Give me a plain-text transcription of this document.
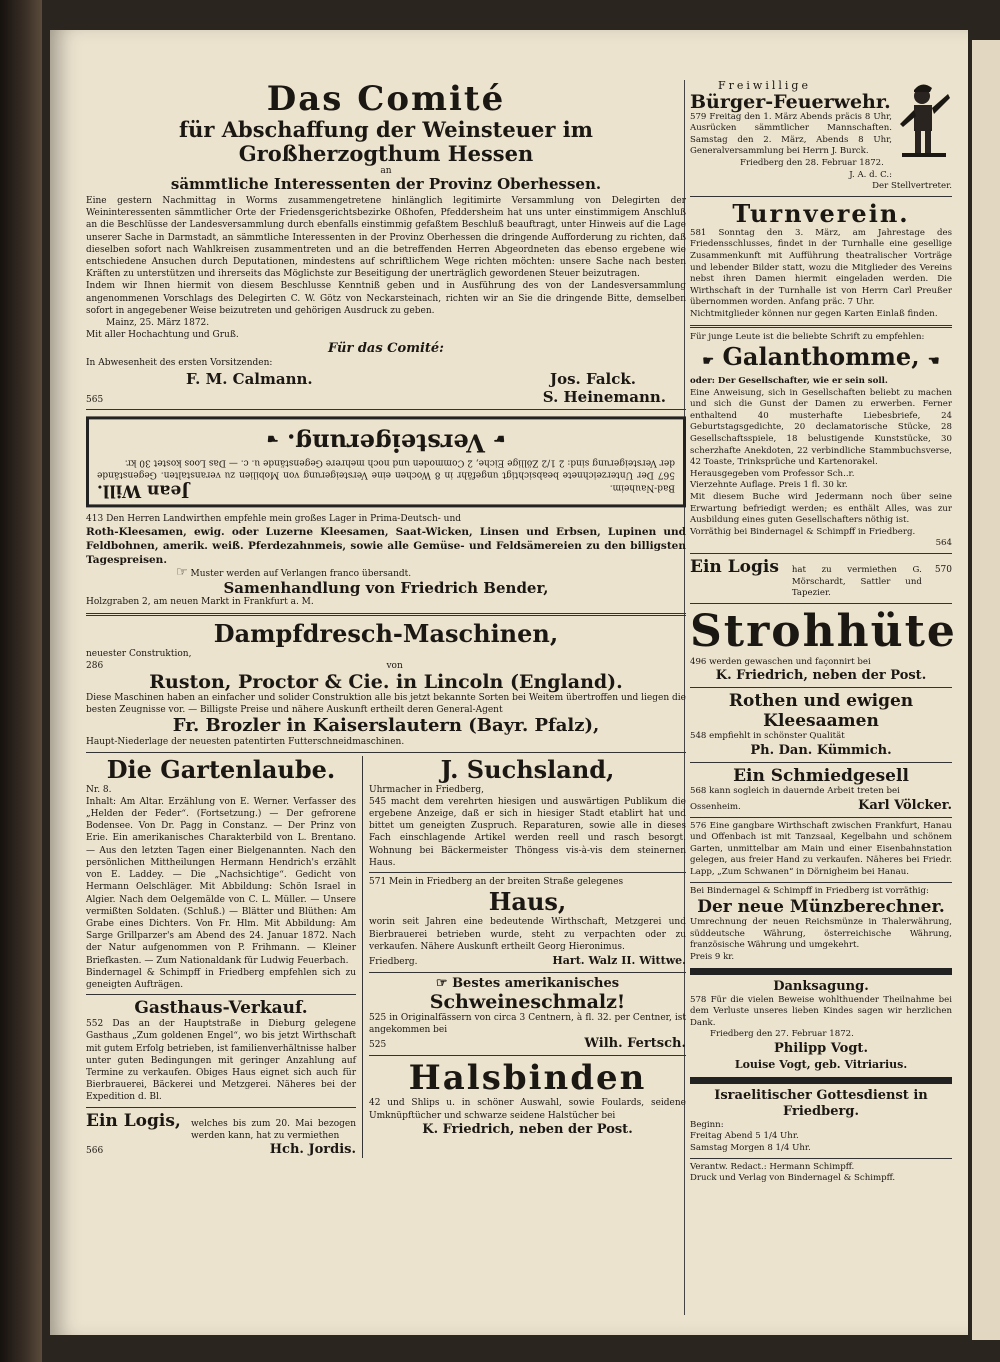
Das Comité
für Abschaffung der Weinsteuer im Großherzogthum Hessen
an
sämmtliche Interessenten der Provinz Oberhessen.
Eine gestern Nachmittag in Worms zusammengetretene hinlänglich legitimirte Versammlung von Delegirten der Weininteressenten sämmtlicher Orte der Friedensgerichtsbezirke Oßhofen, Pfeddersheim hat uns unter einstimmigem Anschluß an die Beschlüsse der Landesversammlung durch ebenfalls einstimmig gefaßtem Beschluß beauftragt, unter Hinweis auf die Lage unserer Sache in Darmstadt, an sämmtliche Interessenten in der Provinz Oberhessen die dringende Aufforderung zu richten, daß dieselben sofort nach Wahlkreisen zusammentreten und an die betreffenden Herren Abgeordneten das ebenso ergebene wie entschiedene Ansuchen durch Deputationen, mindestens auf schriftlichem Wege richten möchten: unsere Sache nach besten Kräften zu unterstützen und ihrerseits das Möglichste zur Beseitigung der unerträglich gewordenen Steuer beizutragen.
Indem wir Ihnen hiermit von diesem Beschlusse Kenntniß geben und in Ausführung des von der Landesversammlung angenommenen Vorschlags des Delegirten C. W. Götz von Neckarsteinach, richten wir an Sie die dringende Bitte, demselben sofort in angegebener Weise beizutreten und gehörigen Ausdruck zu geben.
Mainz, 25. März 1872.
Mit aller Hochachtung und Gruß.
Für das Comité:
In Abwesenheit des ersten Vorsitzenden:
F. M. Calmann.	Jos. Falck.
565	S. Heinemann.
Bad-Nauheim.
Jean Will.
567 Der Unterzeichnete beabsichtigt ungefähr in 8 Wochen eine Versteigerung von Mobilien zu veranstalten. Gegenstände der Versteigerung sind: 2 1/2 Zöllige Eiche, 2 Commoden und noch mehrere Gegenstände u. c. — Das Loos kostet 30 kr.
☛ Versteigerung. ☚
413 Den Herren Landwirthen empfehle mein großes Lager in Prima-Deutsch- und
Roth-Kleesamen, ewig. oder Luzerne Kleesamen, Saat-Wicken, Linsen und Erbsen, Lupinen und Feldbohnen, amerik. weiß. Pferdezahnmeis, sowie alle Gemüse- und Feldsämereien zu den billigsten Tagespreisen.
☞ Muster werden auf Verlangen franco übersandt.
Samenhandlung von Friedrich Bender,
Holzgraben 2, am neuen Markt in Frankfurt a. M.
Dampfdresch-Maschinen,
neuester Construktion,
286	von
Ruston, Proctor & Cie. in Lincoln (England).
Diese Maschinen haben an einfacher und solider Construktion alle bis jetzt bekannte Sorten bei Weitem übertroffen und liegen die besten Zeugnisse vor. — Billigste Preise und nähere Auskunft ertheilt deren General-Agent
Fr. Brozler in Kaiserslautern (Bayr. Pfalz),
Haupt-Niederlage der neuesten patentirten Futterschneidmaschinen.
Die Gartenlaube.
Nr. 8.
Inhalt: Am Altar. Erzählung von E. Werner. Verfasser des „Helden der Feder“. (Fortsetzung.) — Der gefrorene Bodensee. Von Dr. Pagg in Constanz. — Der Prinz von Erie. Ein amerikanisches Charakterbild von L. Brentano. — Aus den letzten Tagen einer Bielgenannten. Nach den persönlichen Mittheilungen Hermann Hendrich's erzählt von E. Laddey. — Die „Nachsichtige“. Gedicht von Hermann Oelschläger. Mit Abbildung: Schön Israel in Algier. Nach dem Oelgemälde von C. L. Müller. — Unsere vermißten Soldaten. (Schluß.) — Blätter und Blüthen: Am Grabe eines Dichters. Von Fr. Hlm. Mit Abbildung: Am Sarge Grillparzer's am Abend des 24. Januar 1872. Nach der Natur aufgenommen von P. Frihmann. — Kleiner Briefkasten. — Zum Nationaldank für Ludwig Feuerbach.
Bindernagel & Schimpff in Friedberg empfehlen sich zu geneigten Aufträgen.
Gasthaus-Verkauf.
552 Das an der Hauptstraße in Dieburg gelegene Gasthaus „Zum goldenen Engel“, wo bis jetzt Wirthschaft mit gutem Erfolg betrieben, ist familienverhältnisse halber unter guten Bedingungen mit geringer Anzahlung auf Termine zu verkaufen. Obiges Haus eignet sich auch für Bierbrauerei, Bäckerei und Metzgerei. Näheres bei der Expedition d. Bl.
Ein Logis, welches bis zum 20. Mai bezogen werden kann, hat zu vermiethen
566	Hch. Jordis.
J. Suchsland,
Uhrmacher in Friedberg,
545 macht dem verehrten hiesigen und auswärtigen Publikum die ergebene Anzeige, daß er sich in hiesiger Stadt etablirt hat und bittet um geneigten Zuspruch. Reparaturen, sowie alle in dieses Fach einschlagende Artikel werden reell und rasch besorgt. Wohnung bei Bäckermeister Thöngess vis-à-vis dem steinernen Haus.
571 Mein in Friedberg an der breiten Straße gelegenes
Haus,
worin seit Jahren eine bedeutende Wirthschaft, Metzgerei und Bierbrauerei betrieben wurde, steht zu verpachten oder zu verkaufen. Nähere Auskunft ertheilt Georg Hieronimus.
Friedberg.	Hart. Walz II. Wittwe.
☞ Bestes amerikanisches
Schweineschmalz!
525 in Originalfässern von circa 3 Centnern, à fl. 32. per Centner, ist angekommen bei
525	Wilh. Fertsch.
Halsbinden
42 und Shlips u. in schöner Auswahl, sowie Foulards, seidene Umknüpftücher und schwarze seidene Halstücher bei
K. Friedrich, neben der Post.
Freiwillige
Bürger-Feuerwehr.
579 Freitag den 1. März Abends präcis 8 Uhr, Ausrücken sämmtlicher Mannschaften. Samstag den 2. März, Abends 8 Uhr, Generalversammlung bei Herrn J. Burck.
Friedberg den 28. Februar 1872.
J. A. d. C.:
Der Stellvertreter.
Turnverein.
581 Sonntag den 3. März, am Jahrestage des Friedensschlusses, findet in der Turnhalle eine gesellige Zusammenkunft mit Aufführung theatralischer Vorträge und lebender Bilder statt, wozu die Mitglieder des Vereins nebst ihren Damen hiermit eingeladen werden. Die Wirthschaft in der Turnhalle ist von Herrn Carl Preußer übernommen worden. Anfang präc. 7 Uhr.
Nichtmitglieder können nur gegen Karten Einlaß finden.
Für junge Leute ist die beliebte Schrift zu empfehlen:
☛ Galanthomme, ☚
oder: Der Gesellschafter, wie er sein soll.
Eine Anweisung, sich in Gesellschaften beliebt zu machen und sich die Gunst der Damen zu erwerben. Ferner enthaltend 40 musterhafte Liebesbriefe, 24 Geburtstagsgedichte, 20 declamatorische Stücke, 28 Gesellschaftsspiele, 18 belustigende Kunststücke, 30 scherzhafte Anekdoten, 22 verbindliche Stammbuchsverse, 42 Toaste, Trinksprüche und Kartenorakel.
Herausgegeben vom Professor Sch..r.
Vierzehnte Auflage. Preis 1 fl. 30 kr.
Mit diesem Buche wird Jedermann noch über seine Erwartung befriedigt werden; es enthält Alles, was zur Ausbildung eines guten Gesellschafters nöthig ist.
Vorräthig bei Bindernagel & Schimpff in Friedberg.
564
Ein Logis hat zu vermiethen G. Mörschardt, Sattler und Tapezier.
570
Strohhüte
496 werden gewaschen und façonnirt bei
K. Friedrich, neben der Post.
Rothen und ewigen Kleesaamen
548 empfiehlt in schönster Qualität
Ph. Dan. Kümmich.
Ein Schmiedgesell
568 kann sogleich in dauernde Arbeit treten bei
Ossenheim.	Karl Völcker.
576 Eine gangbare Wirthschaft zwischen Frankfurt, Hanau und Offenbach ist mit Tanzsaal, Kegelbahn und schönem Garten, unmittelbar am Main und einer Eisenbahnstation gelegen, aus freier Hand zu verkaufen. Näheres bei Friedr. Lapp, „Zum Schwanen“ in Dörnigheim bei Hanau.
Bei Bindernagel & Schimpff in Friedberg ist vorräthig:
Der neue Münzberechner.
Umrechnung der neuen Reichsmünze in Thalerwährung, süddeutsche Währung, österreichische Währung, französische Währung und umgekehrt.
Preis 9 kr.
Danksagung.
578 Für die vielen Beweise wohlthuender Theilnahme bei dem Verluste unseres lieben Kindes sagen wir herzlichen Dank.
Friedberg den 27. Februar 1872.
Philipp Vogt.
Louise Vogt, geb. Vitriarius.
Israelitischer Gottesdienst in Friedberg.
Beginn:
Freitag Abend 5 1/4 Uhr.
Samstag Morgen 8 1/4 Uhr.
Verantw. Redact.: Hermann Schimpff.
Druck und Verlag von Bindernagel & Schimpff.
